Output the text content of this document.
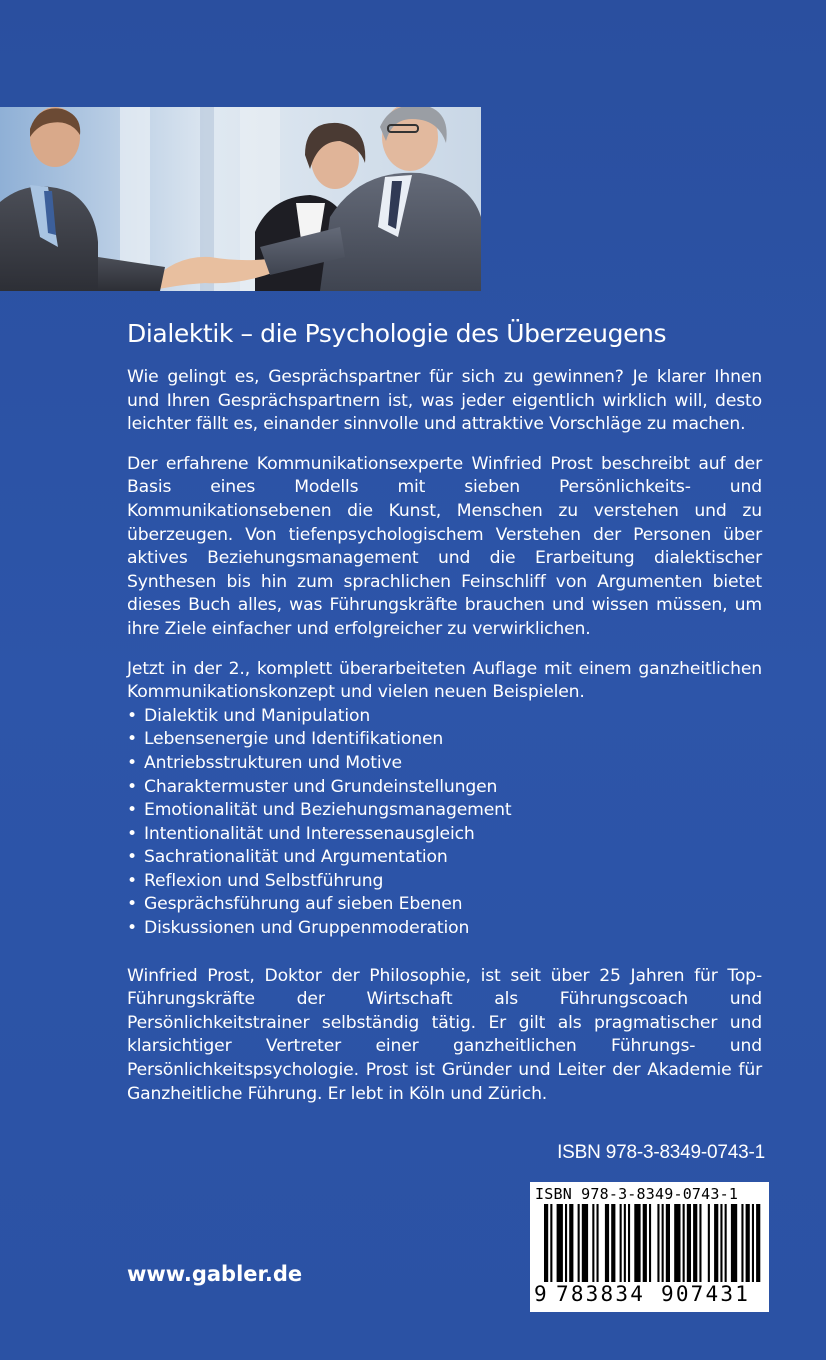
Dialektik – die Psychologie des Überzeugens

Wie gelingt es, Gesprächspartner für sich zu gewinnen? Je klarer Ihnen und Ihren Gesprächspartnern ist, was jeder eigentlich wirklich will, desto leichter fällt es, einander sinnvolle und attraktive Vorschläge zu machen.

Der erfahrene Kommunikationsexperte Winfried Prost beschreibt auf der Basis eines Modells mit sieben Persönlichkeits- und Kommunikationsebenen die Kunst, Menschen zu verstehen und zu überzeugen. Von tiefenpsychologischem Verstehen der Personen über aktives Beziehungsmanagement und die Erarbeitung dialektischer Synthesen bis hin zum sprachlichen Feinschliff von Argumenten bietet dieses Buch alles, was Führungskräfte brauchen und wissen müssen, um ihre Ziele einfacher und erfolgreicher zu verwirklichen.

Jetzt in der 2., komplett überarbeiteten Auflage mit einem ganzheitlichen Kommunikationskonzept und vielen neuen Beispielen.

• Dialektik und Manipulation
• Lebensenergie und Identifikationen
• Antriebsstrukturen und Motive
• Charaktermuster und Grundeinstellungen
• Emotionalität und Beziehungsmanagement
• Intentionalität und Interessenausgleich
• Sachrationalität und Argumentation
• Reflexion und Selbstführung
• Gesprächsführung auf sieben Ebenen
• Diskussionen und Gruppenmoderation

Winfried Prost, Doktor der Philosophie, ist seit über 25 Jahren für Top-Führungskräfte der Wirtschaft als Führungscoach und Persönlichkeitstrainer selbständig tätig. Er gilt als pragmatischer und klarsichtiger Vertreter einer ganzheitlichen Führungs- und Persönlichkeitspsychologie. Prost ist Gründer und Leiter der Akademie für Ganzheitliche Führung. Er lebt in Köln und Zürich.

ISBN 978-3-8349-0743-1
ISBN 978-3-8349-0743-1
9 783834 907431
www.gabler.de
